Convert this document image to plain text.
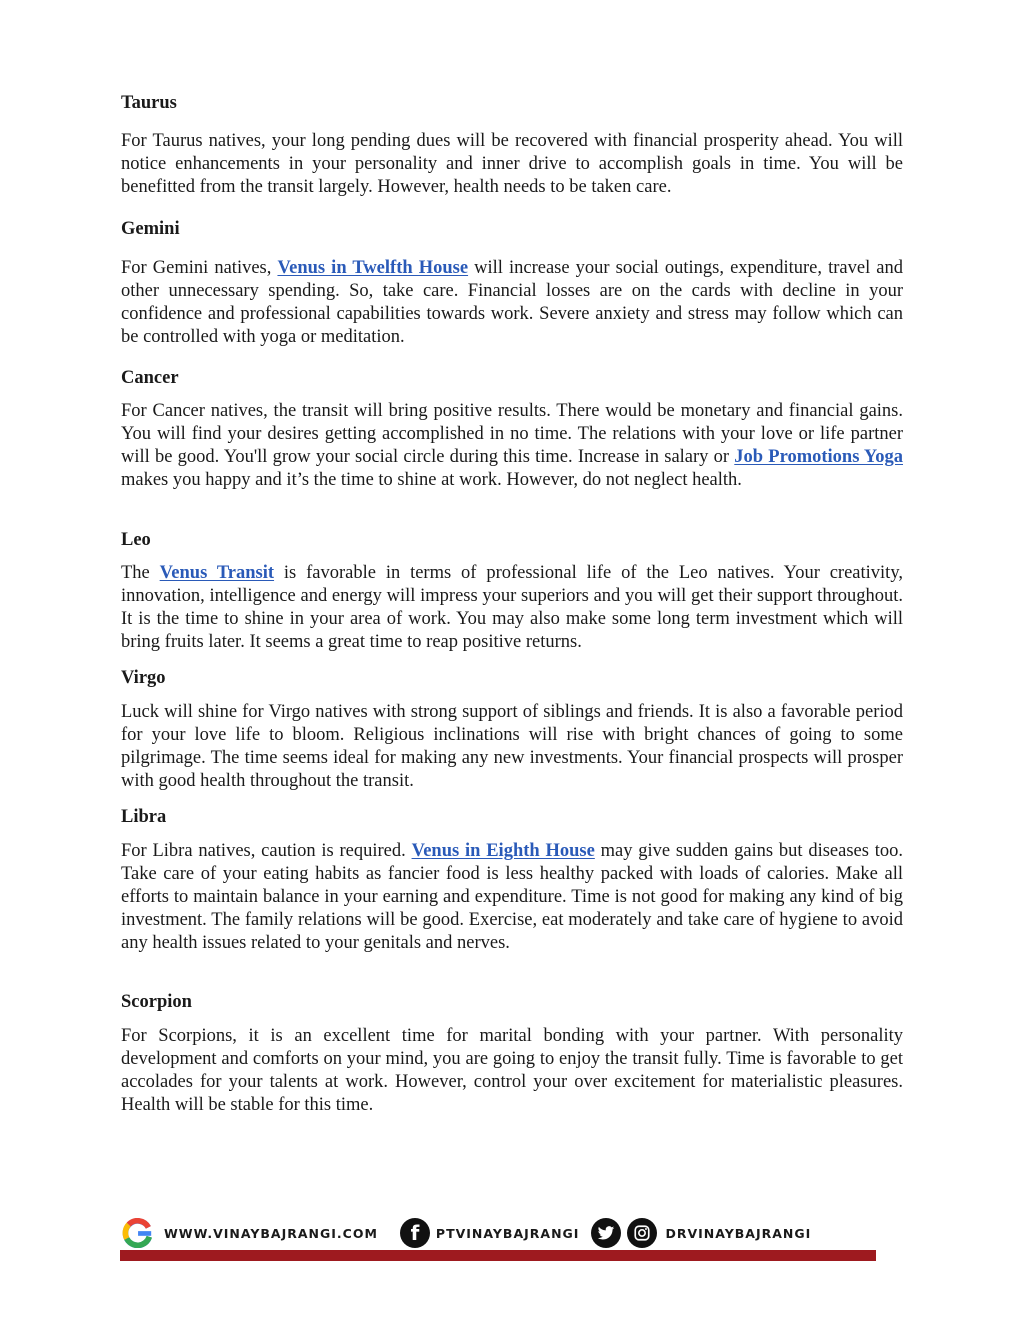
Taurus

For Taurus natives, your long pending dues will be recovered with financial prosperity ahead. You will notice enhancements in your personality and inner drive to accomplish goals in time. You will be benefitted from the transit largely. However, health needs to be taken care.

Gemini

For Gemini natives, Venus in Twelfth House will increase your social outings, expenditure, travel and other unnecessary spending. So, take care. Financial losses are on the cards with decline in your confidence and professional capabilities towards work. Severe anxiety and stress may follow which can be controlled with yoga or meditation.

Cancer

For Cancer natives, the transit will bring positive results. There would be monetary and financial gains. You will find your desires getting accomplished in no time. The relations with your love or life partner will be good. You'll grow your social circle during this time. Increase in salary or Job Promotions Yoga makes you happy and it’s the time to shine at work. However, do not neglect health.

Leo

The Venus Transit is favorable in terms of professional life of the Leo natives. Your creativity, innovation, intelligence and energy will impress your superiors and you will get their support throughout. It is the time to shine in your area of work. You may also make some long term investment which will bring fruits later. It seems a great time to reap positive returns.

Virgo

Luck will shine for Virgo natives with strong support of siblings and friends. It is also a favorable period for your love life to bloom. Religious inclinations will rise with bright chances of going to some pilgrimage. The time seems ideal for making any new investments. Your financial prospects will prosper with good health throughout the transit.

Libra

For Libra natives, caution is required. Venus in Eighth House may give sudden gains but diseases too. Take care of your eating habits as fancier food is less healthy packed with loads of calories. Make all efforts to maintain balance in your earning and expenditure. Time is not good for making any kind of big investment. The family relations will be good. Exercise, eat moderately and take care of hygiene to avoid any health issues related to your genitals and nerves.

Scorpion

For Scorpions, it is an excellent time for marital bonding with your partner. With personality development and comforts on your mind, you are going to enjoy the transit fully. Time is favorable to get accolades for your talents at work. However, control your over excitement for materialistic pleasures. Health will be stable for this time.

WWW.VINAYBAJRANGI.COM	f	PTVINAYBAJRANGI	DRVINAYBAJRANGI
